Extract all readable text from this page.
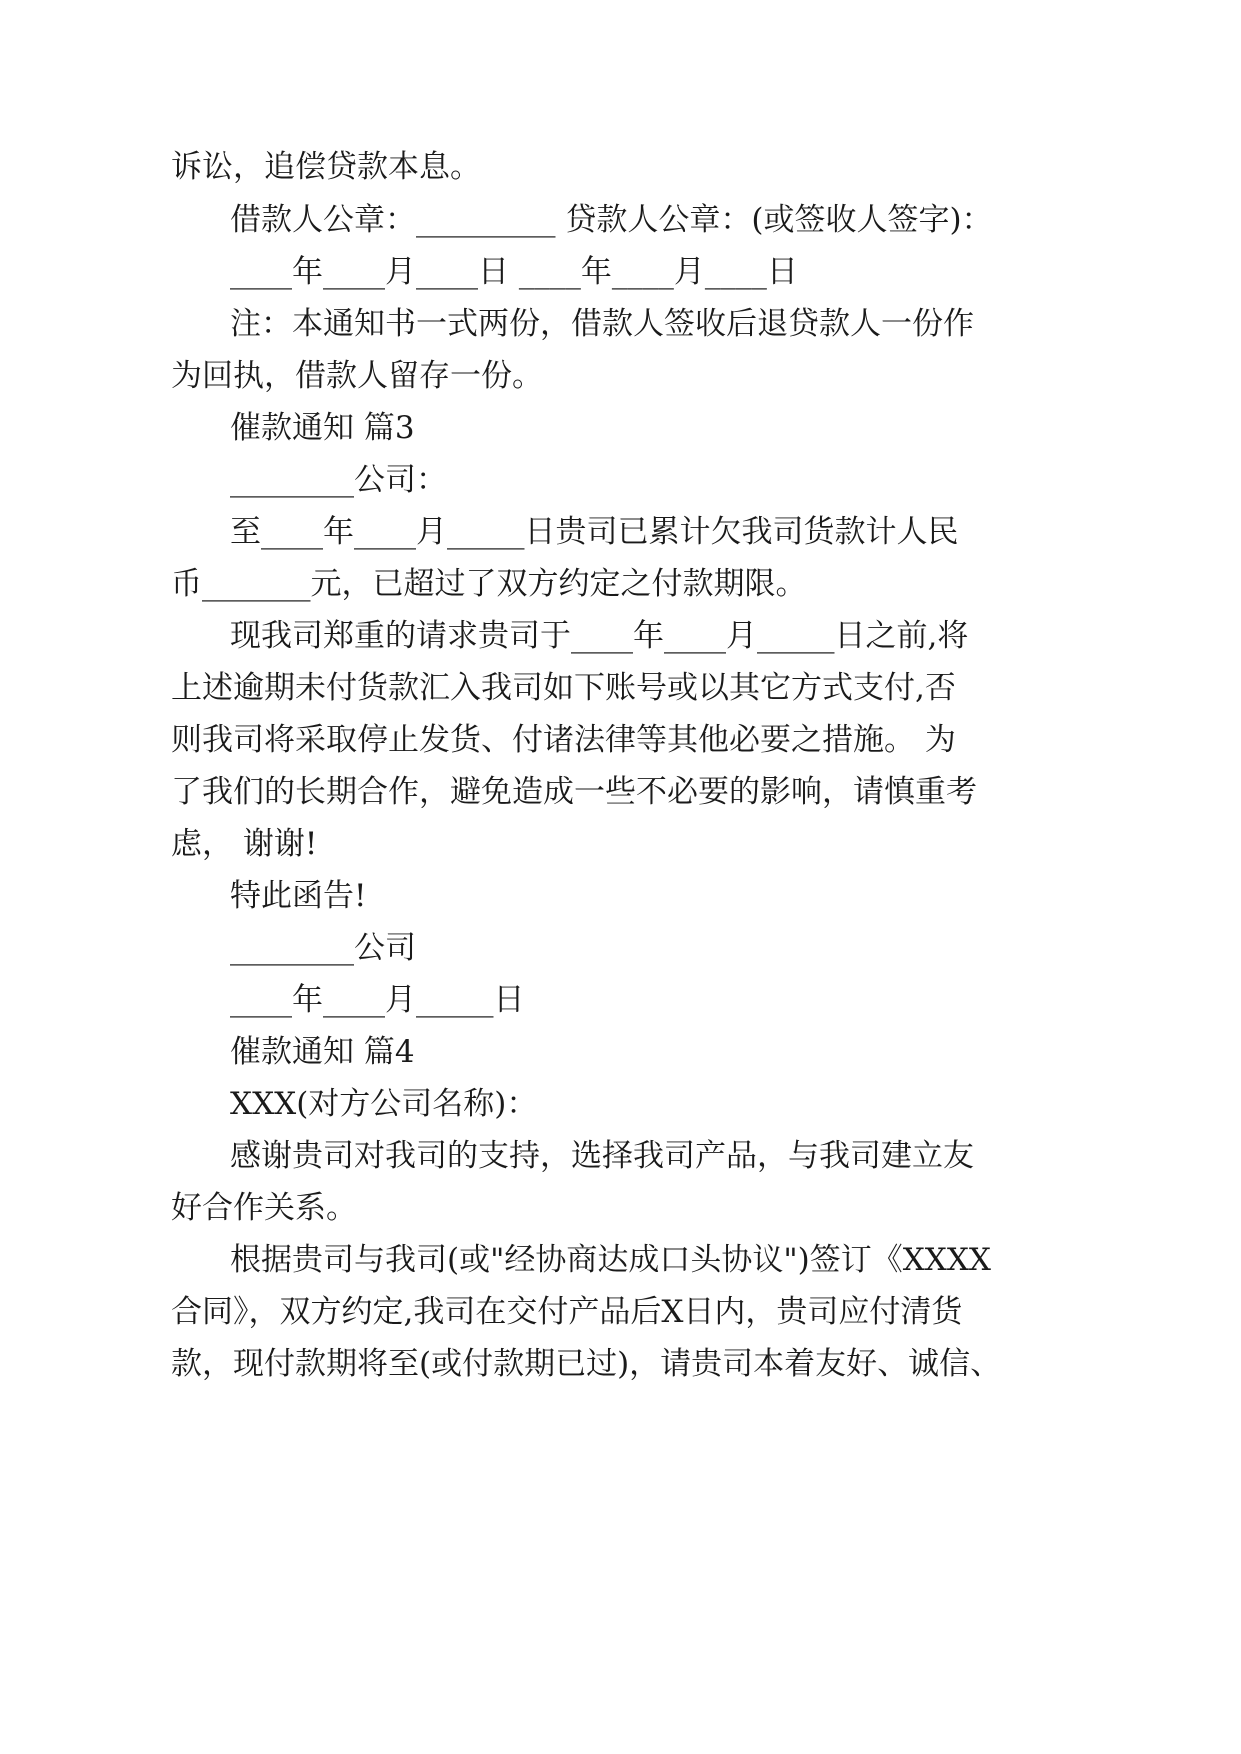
诉讼，追偿贷款本息。
借款人公章：_________ 贷款人公章：(或签收人签字)：
____年____月____日 ____年____月____日
注：本通知书一式两份，借款人签收后退贷款人一份作
为回执，借款人留存一份。
催款通知 篇3
________公司：
至____年____月_____日贵司已累计欠我司货款计人民
币_______元，已超过了双方约定之付款期限。
现我司郑重的请求贵司于____年____月_____日之前,将
上述逾期未付货款汇入我司如下账号或以其它方式支付,否
则我司将采取停止发货、付诸法律等其他必要之措施。 为
了我们的长期合作，避免造成一些不必要的影响，请慎重考
虑， 谢谢!
特此函告!
________公司
____年____月_____日
催款通知 篇4
XXX(对方公司名称)：
感谢贵司对我司的支持，选择我司产品，与我司建立友
好合作关系。
根据贵司与我司(或"经协商达成口头协议")签订《XXXX
合同》，双方约定,我司在交付产品后X日内，贵司应付清货
款，现付款期将至(或付款期已过)，请贵司本着友好、诚信、
